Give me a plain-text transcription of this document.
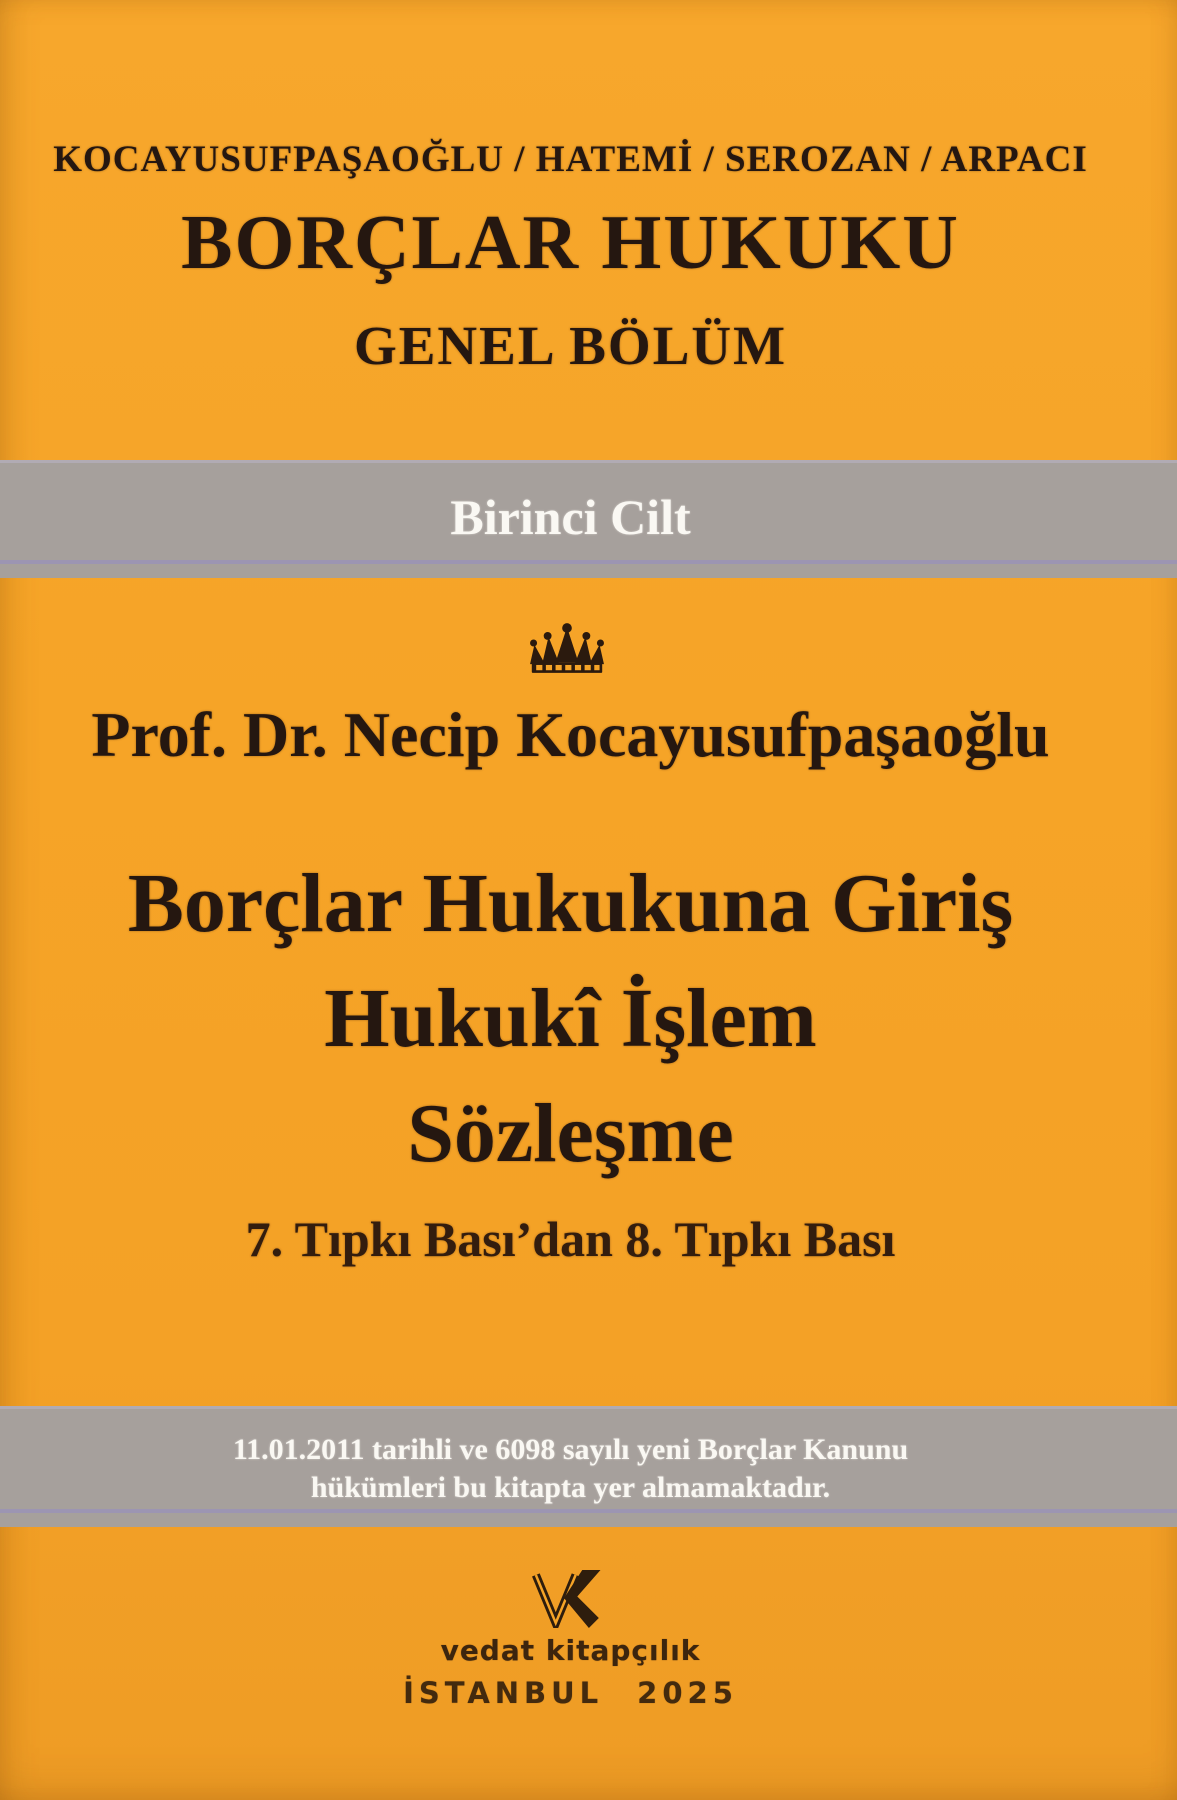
KOCAYUSUFPAŞAOĞLU / HATEMİ / SEROZAN / ARPACI
BORÇLAR HUKUKU
GENEL BÖLÜM
Birinci Cilt
Prof. Dr. Necip Kocayusufpaşaoğlu
Borçlar Hukukuna Giriş
Hukukî İşlem
Sözleşme
7. Tıpkı Bası’dan 8. Tıpkı Bası
11.01.2011 tarihli ve 6098 sayılı yeni Borçlar Kanunu
hükümleri bu kitapta yer almamaktadır.
vedat kitapçılık
İSTANBUL 2025
